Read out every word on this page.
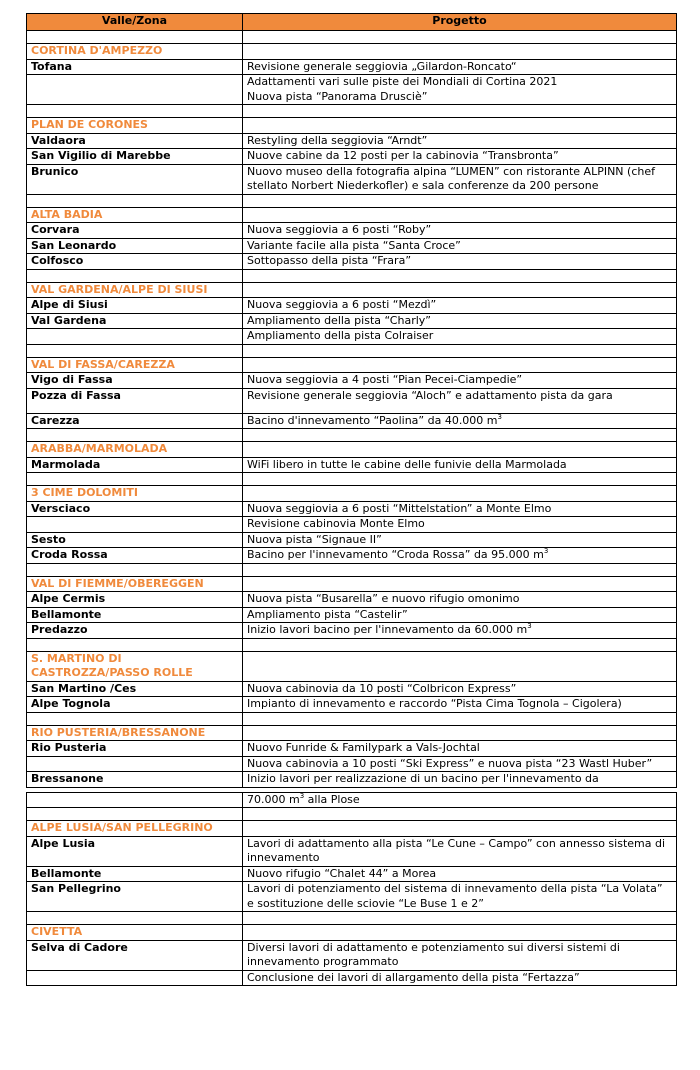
Valle/Zona	Progetto

CORTINA D'AMPEZZO	
Tofana	Revisione generale seggiovia „Gilardon-Roncato“
	Adattamenti vari sulle piste dei Mondiali di Cortina 2021
Nuova pista “Panorama Drusciè”

PLAN DE CORONES	
Valdaora	Restyling della seggiovia “Arndt”
San Vigilio di Marebbe	Nuove cabine da 12 posti per la cabinovia “Transbronta”
Brunico	Nuovo museo della fotografia alpina “LUMEN” con ristorante ALPINN (chef stellato Norbert Niederkofler) e sala conferenze da 200 persone

ALTA BADIA	
Corvara	Nuova seggiovia a 6 posti “Roby”
San Leonardo	Variante facile alla pista “Santa Croce”
Colfosco	Sottopasso della pista “Frara”

VAL GARDENA/ALPE DI SIUSI	
Alpe di Siusi	Nuova seggiovia a 6 posti “Mezdì”
Val Gardena	Ampliamento della pista “Charly”
	Ampliamento della pista Colraiser

VAL DI FASSA/CAREZZA	
Vigo di Fassa	Nuova seggiovia a 4 posti “Pian Pecei-Ciampedie”
Pozza di Fassa	Revisione generale seggiovia “Aloch” e adattamento pista da gara
Carezza	Bacino d'innevamento “Paolina” da 40.000 $m^3$

ARABBA/MARMOLADA	
Marmolada	WiFi libero in tutte le cabine delle funivie della Marmolada

3 CIME DOLOMITI	
Versciaco	Nuova seggiovia a 6 posti “Mittelstation” a Monte Elmo
	Revisione cabinovia Monte Elmo
Sesto	Nuova pista “Signaue II”
Croda Rossa	Bacino per l'innevamento “Croda Rossa” da 95.000 $m^3$

VAL DI FIEMME/OBEREGGEN	
Alpe Cermis	Nuova pista “Busarella” e nuovo rifugio omonimo
Bellamonte	Ampliamento pista “Castelir”
Predazzo	Inizio lavori bacino per l'innevamento da 60.000 $m^3$

S. MARTINO DI CASTROZZA/PASSO ROLLE	
San Martino /Ces	Nuova cabinovia da 10 posti “Colbricon Express”
Alpe Tognola	Impianto di innevamento e raccordo “Pista Cima Tognola – Cigolera)

RIO PUSTERIA/BRESSANONE	
Rio Pusteria	Nuovo Funride & Familypark a Vals-Jochtal
	Nuova cabinovia a 10 posti “Ski Express” e nuova pista “23 Wastl Huber”
Bressanone	Inizio lavori per realizzazione di un bacino per l'innevamento da

	70.000 $m^3$ alla Plose

ALPE LUSIA/SAN PELLEGRINO	
Alpe Lusia	Lavori di adattamento alla pista “Le Cune – Campo” con annesso sistema di innevamento
Bellamonte	Nuovo rifugio “Chalet 44” a Morea
San Pellegrino	Lavori di potenziamento del sistema di innevamento della pista “La Volata” e sostituzione delle sciovie “Le Buse 1 e 2”

CIVETTA	
Selva di Cadore	Diversi lavori di adattamento e potenziamento sui diversi sistemi di innevamento programmato
	Conclusione dei lavori di allargamento della pista “Fertazza”
